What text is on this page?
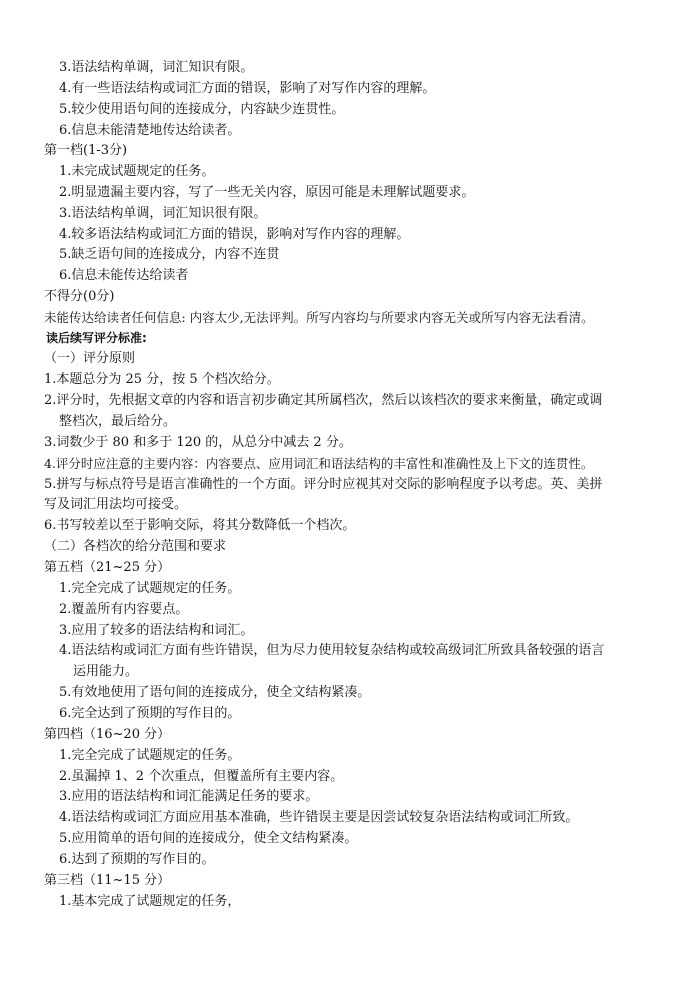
3.语法结构单调，词汇知识有限。
4.有一些语法结构或词汇方面的错误，影响了对写作内容的理解。
5.较少使用语句间的连接成分，内容缺少连贯性。
6.信息未能清楚地传达给读者。
第一档(1-3分)
1.未完成试题规定的任务。
2.明显遗漏主要内容，写了一些无关内容，原因可能是未理解试题要求。
3.语法结构单调，词汇知识很有限。
4.较多语法结构或词汇方面的错误，影响对写作内容的理解。
5.缺乏语句间的连接成分，内容不连贯
6.信息未能传达给读者
不得分(0分)
未能传达给读者任何信息: 内容太少,无法评判。所写内容均与所要求内容无关或所写内容无法看清。
读后续写评分标准:
（一）评分原则
1.本题总分为 25 分，按 5 个档次给分。
2.评分时，先根据文章的内容和语言初步确定其所属档次，然后以该档次的要求来衡量，确定或调
整档次，最后给分。
3.词数少于 80 和多于 120 的，从总分中减去 2 分。
4.评分时应注意的主要内容：内容要点、应用词汇和语法结构的丰富性和准确性及上下文的连贯性。
5.拼写与标点符号是语言准确性的一个方面。评分时应视其对交际的影响程度予以考虑。英、美拼
写及词汇用法均可接受。
6.书写较差以至于影响交际，将其分数降低一个档次。
（二）各档次的给分范围和要求
第五档（21~25 分）
1.完全完成了试题规定的任务。
2.覆盖所有内容要点。
3.应用了较多的语法结构和词汇。
4.语法结构或词汇方面有些许错误，但为尽力使用较复杂结构或较高级词汇所致具备较强的语言
运用能力。
5.有效地使用了语句间的连接成分，使全文结构紧凑。
6.完全达到了预期的写作目的。
第四档（16~20 分）
1.完全完成了试题规定的任务。
2.虽漏掉 1、2 个次重点，但覆盖所有主要内容。
3.应用的语法结构和词汇能满足任务的要求。
4.语法结构或词汇方面应用基本准确，些许错误主要是因尝试较复杂语法结构或词汇所致。
5.应用简单的语句间的连接成分，使全文结构紧凑。
6.达到了预期的写作目的。
第三档（11~15 分）
1.基本完成了试题规定的任务，
